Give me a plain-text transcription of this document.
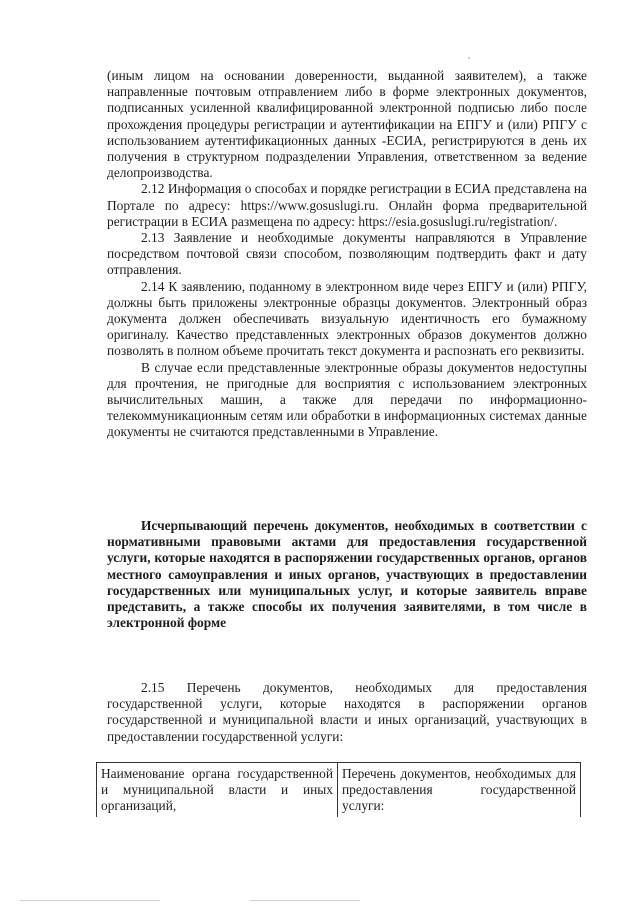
(иным лицом на основании доверенности, выданной заявителем), а также направленные почтовым отправлением либо в форме электронных документов, подписанных усиленной квалифицированной электронной подписью либо после прохождения процедуры регистрации и аутентификации на ЕПГУ и (или) РПГУ с использованием аутентификационных данных -ЕСИА, регистрируются в день их получения в структурном подразделении Управления, ответственном за ведение делопроизводства.

2.12 Информация о способах и порядке регистрации в ЕСИА представлена на Портале по адресу: https://www.gosuslugi.ru. Онлайн форма предварительной регистрации в ЕСИА размещена по адресу: https://esia.gosuslugi.ru/registration/.

2.13 Заявление и необходимые документы направляются в Управление посредством почтовой связи способом, позволяющим подтвердить факт и дату отправления.

2.14 К заявлению, поданному в электронном виде через ЕПГУ и (или) РПГУ, должны быть приложены электронные образцы документов. Электронный образ документа должен обеспечивать визуальную идентичность его бумажному оригиналу. Качество представленных электронных образов документов должно позволять в полном объеме прочитать текст документа и распознать его реквизиты.

В случае если представленные электронные образы документов недоступны для прочтения, не пригодные для восприятия с использованием электронных вычислительных машин, а также для передачи по информационно-телекоммуникационным сетям или обработки в информационных системах данные документы не считаются представленными в Управление.

Исчерпывающий перечень документов, необходимых в соответствии с нормативными правовыми актами для предоставления государственной услуги, которые находятся в распоряжении государственных органов, органов местного самоуправления и иных органов, участвующих в предоставлении государственных или муниципальных услуг, и которые заявитель вправе представить, а также способы их получения заявителями, в том числе в электронной форме

2.15 Перечень документов, необходимых для предоставления государственной услуги, которые находятся в распоряжении органов государственной и муниципальной власти и иных организаций, участвующих в предоставлении государственной услуги:

Наименование органа государственной и муниципальной власти и иных организаций,	Перечень документов, необходимых для предоставления государственной услуги:
